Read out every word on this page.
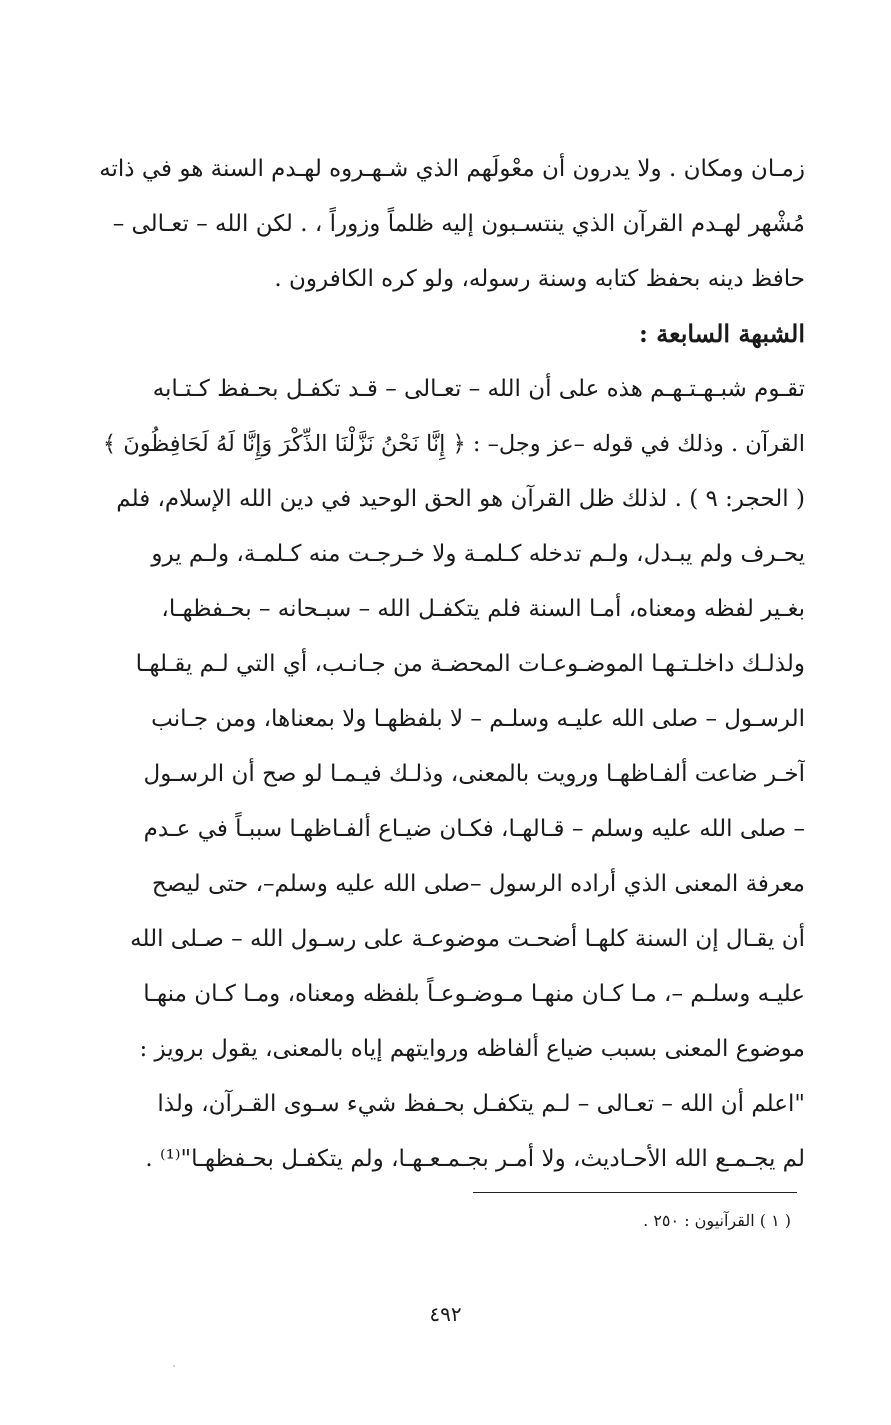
زمـان ومكان . ولا يدرون أن معْولَهم الذي شـهـروه لهـدم السنة هو في ذاته
مُشْهر لهـدم القرآن الذي ينتسـبون إليه ظلماً وزوراً ، . لكن الله – تعـالى –
حافظ دينه بحفظ كتابه وسنة رسوله، ولو كره الكافرون .
الشبهة السابعة :
تقـوم شبـهـتـهـم هذه على أن الله – تعـالى – قـد تكفـل بحـفظ كـتـابه
القرآن . وذلك في قوله –عز وجل– : ﴿ إِنَّا نَحْنُ نَزَّلْنَا الذِّكْرَ وَإِنَّا لَهُ لَحَافِظُونَ ﴾
( الحجر: ٩ ) . لذلك ظل القرآن هو الحق الوحيد في دين الله الإسلام، فلم
يحـرف ولم يبـدل، ولـم تدخله كـلمـة ولا خـرجـت منه كـلمـة، ولـم يرو
بغـير لفظه ومعناه، أمـا السنة فلم يتكفـل الله – سبـحانه – بحـفظهـا،
ولذلـك داخلـتـهـا الموضـوعـات المحضـة من جـانـب، أي التي لـم يقـلهـا
الرسـول – صلى الله عليـه وسلـم – لا بلفظهـا ولا بمعناها، ومن جـانب
آخـر ضاعت ألفـاظهـا ورويت بالمعنى، وذلـك فيـمـا لو صح أن الرسـول
– صلى الله عليه وسلم – قـالهـا، فكـان ضيـاع ألفـاظهـا سببـاً في عـدم
معرفة المعنى الذي أراده الرسول –صلى الله عليه وسلم–، حتى ليصح
أن يقـال إن السنة كلهـا أضحـت موضوعـة على رسـول الله – صـلى الله
عليـه وسلـم –، مـا كـان منهـا مـوضـوعـاً بلفظه ومعناه، ومـا كـان منهـا
موضوع المعنى بسبب ضياع ألفاظه وروايتهم إياه بالمعنى، يقول برويز :
"اعلم أن الله – تعـالى – لـم يتكفـل بحـفظ شيء سـوى القـرآن، ولذا
لم يجـمـع الله الأحـاديث، ولا أمـر بجـمـعـهـا، ولم يتكفـل بحـفظهـا"⁽¹⁾ .
( ١ ) القرآنيون : ٢٥٠ .
٤٩٢
